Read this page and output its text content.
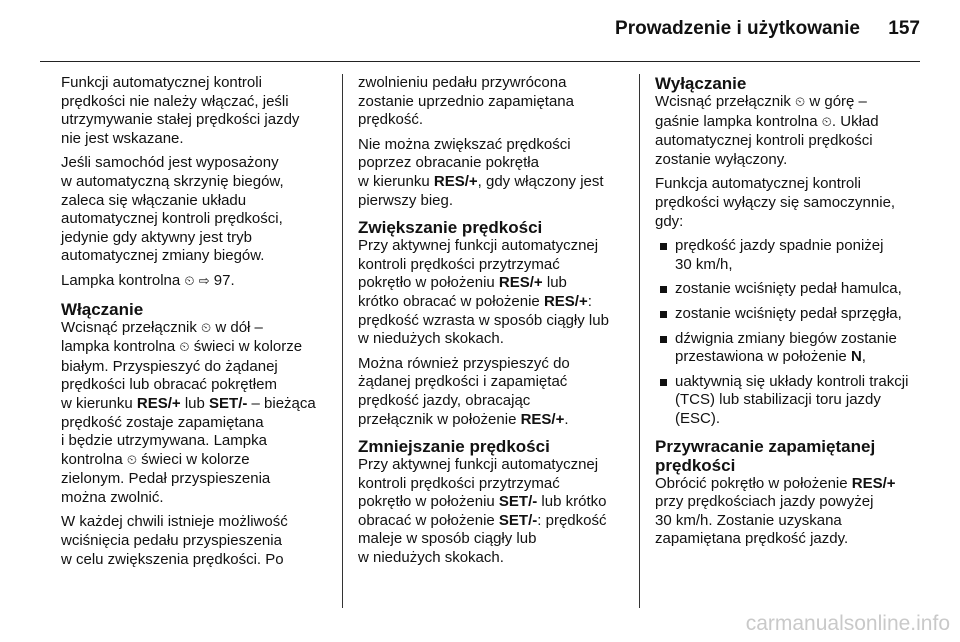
Prowadzenie i użytkowanie 157

Funkcji automatycznej kontroli
prędkości nie należy włączać, jeśli
utrzymywanie stałej prędkości jazdy
nie jest wskazane.

Jeśli samochód jest wyposażony
w automatyczną skrzynię biegów,
zaleca się włączanie układu
automatycznej kontroli prędkości,
jedynie gdy aktywny jest tryb
automatycznej zmiany biegów.

Lampka kontrolna ⏲ ⇨ 97.

Włączanie

Wcisnąć przełącznik ⏲ w dół –
lampka kontrolna ⏲ świeci w kolorze
białym. Przyspieszyć do żądanej
prędkości lub obracać pokrętłem
w kierunku RES/+ lub SET/- – bieżąca
prędkość zostaje zapamiętana
i będzie utrzymywana. Lampka
kontrolna ⏲ świeci w kolorze
zielonym. Pedał przyspieszenia
można zwolnić.

W każdej chwili istnieje możliwość
wciśnięcia pedału przyspieszenia
w celu zwiększenia prędkości. Po

zwolnieniu pedału przywrócona
zostanie uprzednio zapamiętana
prędkość.

Nie można zwiększać prędkości
poprzez obracanie pokrętła
w kierunku RES/+, gdy włączony jest
pierwszy bieg.

Zwiększanie prędkości

Przy aktywnej funkcji automatycznej
kontroli prędkości przytrzymać
pokrętło w położeniu RES/+ lub
krótko obracać w położenie RES/+:
prędkość wzrasta w sposób ciągły lub
w niedużych skokach.

Można również przyspieszyć do
żądanej prędkości i zapamiętać
prędkość jazdy, obracając
przełącznik w położenie RES/+.

Zmniejszanie prędkości

Przy aktywnej funkcji automatycznej
kontroli prędkości przytrzymać
pokrętło w położeniu SET/- lub krótko
obracać w położenie SET/-: prędkość
maleje w sposób ciągły lub
w niedużych skokach.

Wyłączanie

Wcisnąć przełącznik ⏲ w górę –
gaśnie lampka kontrolna ⏲. Układ
automatycznej kontroli prędkości
zostanie wyłączony.

Funkcja automatycznej kontroli
prędkości wyłączy się samoczynnie,
gdy:

prędkość jazdy spadnie poniżej
30 km/h,
zostanie wciśnięty pedał hamulca,
zostanie wciśnięty pedał sprzęgła,
dźwignia zmiany biegów zostanie
przestawiona w położenie N,
uaktywnią się układy kontroli trakcji
(TCS) lub stabilizacji toru jazdy
(ESC).
Przywracanie zapamiętanej
prędkości

Obrócić pokrętło w położenie RES/+
przy prędkościach jazdy powyżej
30 km/h. Zostanie uzyskana
zapamiętana prędkość jazdy.

carmanualsonline.info
